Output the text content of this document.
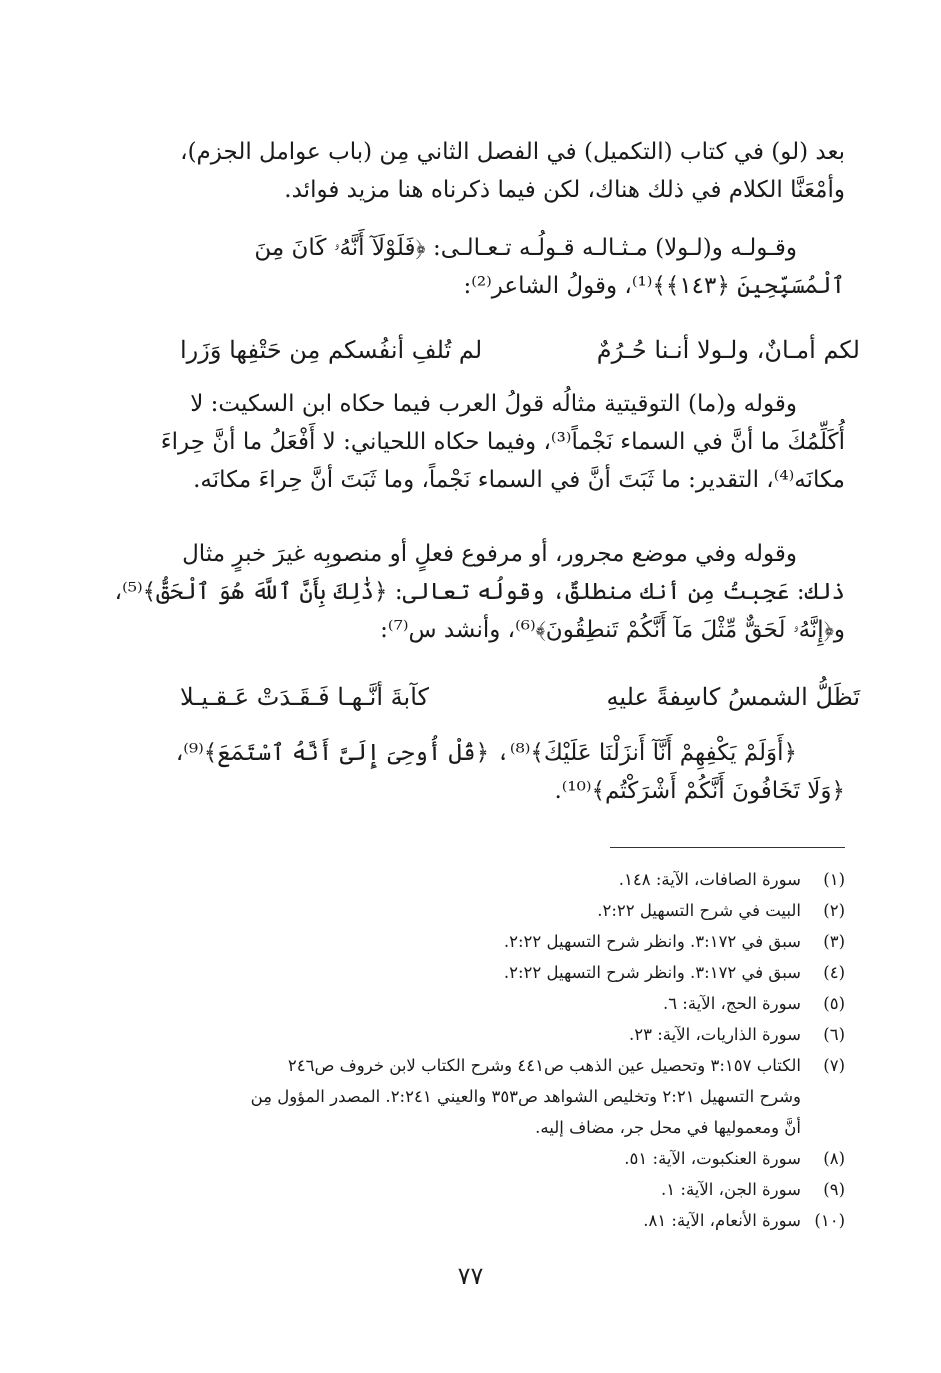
بعد (لو) في كتاب (التكميل) في الفصل الثاني مِن (باب عوامل الجزم)،
وأمْعَنَّا الكلام في ذلك هناك، لكن فيما ذكرناه هنا مزيد فوائد.
وقـولـه و(لـولا) مـثـالـه قـولُـه تـعـالـى: ﴿فَلَوْلَآ أَنَّهُۥ كَانَ مِنَ
ٱلْمُسَبِّحِينَ ﴿١٤٣﴾﴾⁽¹⁾، وقولُ الشاعر⁽²⁾:
لكم أمـانٌ، ولـولا أنـنا حُـرُمٌ
لم تُلفِ أنفُسكم مِن حَتْفِها وَزَرا
وقوله و(ما) التوقيتية مثالُه قولُ العرب فيما حكاه ابن السكيت: لا
أُكَلِّمُكَ ما أنَّ في السماء نَجْماً⁽³⁾، وفيما حكاه اللحياني: لا أَفْعَلُ ما أنَّ حِراءَ
مكانَه⁽⁴⁾، التقدير: ما ثَبَتَ أنَّ في السماء نَجْماً، وما ثَبَتَ أنَّ حِراءَ مكانَه.
وقوله وفي موضع مجرور، أو مرفوع فعلٍ أو منصوبِه غيرَ خبرٍ مثال
ذلك: عَجِبتُ مِن أنك منطلقٌ، وقولُه تعالى: ﴿ذَٰلِكَ بِأَنَّ ٱللَّهَ هُوَ ٱلْحَقُّ﴾⁽⁵⁾،
و﴿إِنَّهُۥ لَحَقٌّ مِّثْلَ مَآ أَنَّكُمْ تَنطِقُونَ﴾⁽⁶⁾، وأنشد س⁽⁷⁾:
تَظَلُّ الشمسُ كاسِفةً عليهِ
كآبةَ أنَّـهـا فَـقَـدَتْ عَـقـيـلا
﴿أَوَلَمْ يَكْفِهِمْ أَنَّآ أَنزَلْنَا عَلَيْكَ﴾⁽⁸⁾، ﴿قُلْ أُوحِىَ إِلَىَّ أَنَّهُ ٱسْتَمَعَ﴾⁽⁹⁾،
﴿وَلَا تَخَافُونَ أَنَّكُمْ أَشْرَكْتُم﴾⁽¹⁰⁾.
(١)
سورة الصافات، الآية: ١٤٨.
(٢)
البيت في شرح التسهيل ٢:٢٢.
(٣)
سبق في ٣:١٧٢. وانظر شرح التسهيل ٢:٢٢.
(٤)
سبق في ٣:١٧٢. وانظر شرح التسهيل ٢:٢٢.
(٥)
سورة الحج، الآية: ٦.
(٦)
سورة الذاريات، الآية: ٢٣.
(٧)
الكتاب ٣:١٥٧ وتحصيل عين الذهب ص٤٤١ وشرح الكتاب لابن خروف ص٢٤٦
وشرح التسهيل ٢:٢١ وتخليص الشواهد ص٣٥٣ والعيني ٢:٢٤١. المصدر المؤول مِن
أنَّ ومعموليها في محل جر، مضاف إليه.
(٨)
سورة العنكبوت، الآية: ٥١.
(٩)
سورة الجن، الآية: ١.
(١٠)
سورة الأنعام، الآية: ٨١.
٧٧
